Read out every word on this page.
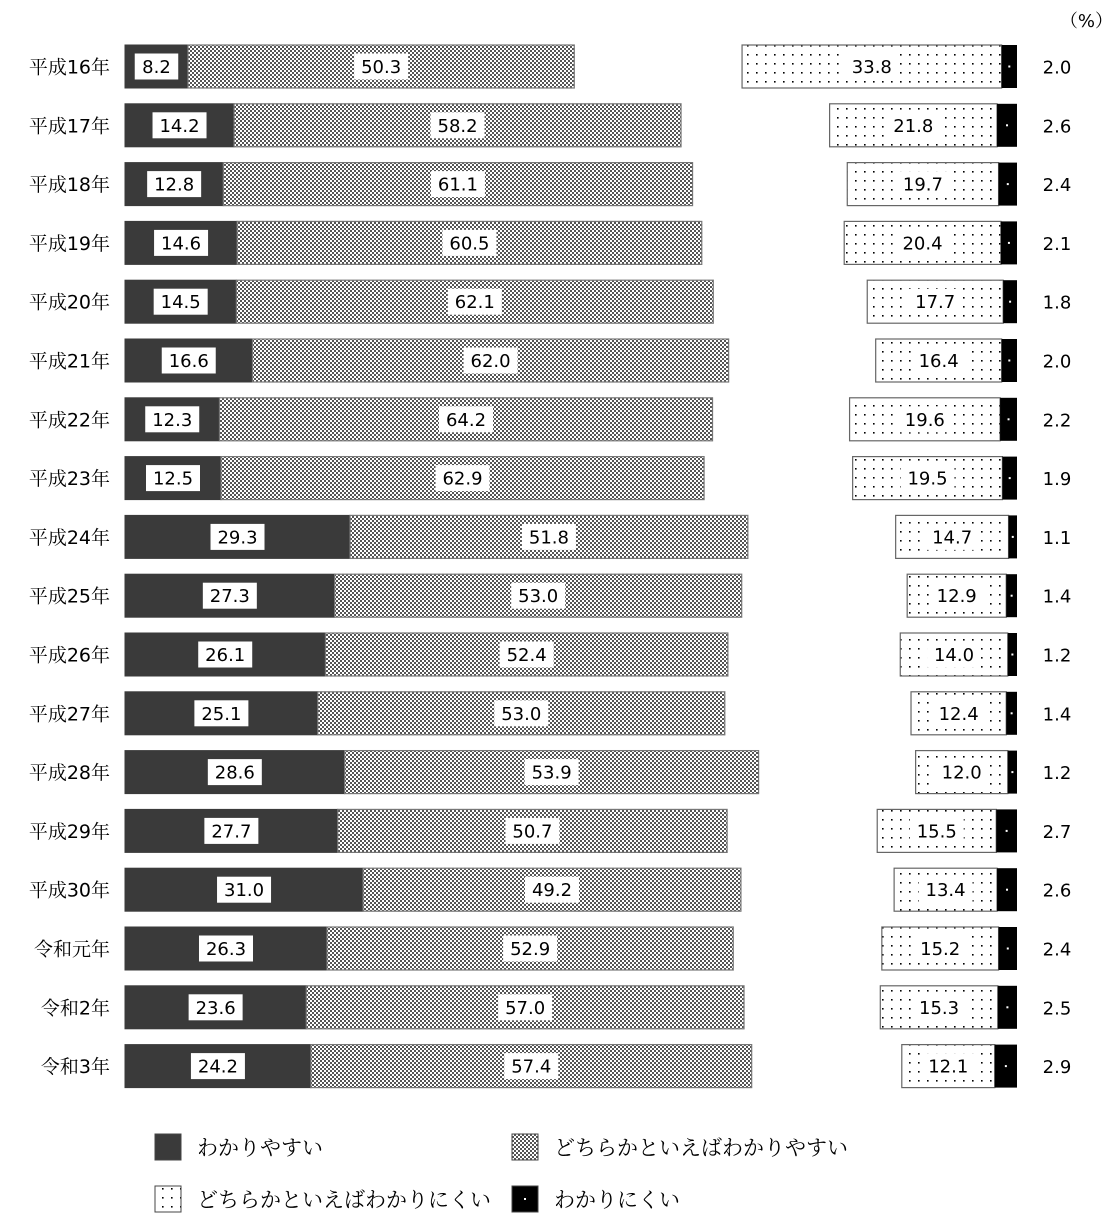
（%）
平成16年 8.2	50.3	33.8	2.0
平成17年	14.2	58.2	21.8	2.6
平成18年 12.8	61.1	19.7	2.4
平成19年	14.6	60.5	20.4	2.1
平成20年	14.5	62.1	17.7	1.8
平成21年	16.6	62.0	16.4	2.0
平成22年 12.3	64.2	19.6	2.2
平成23年 12.5	62.9	19.5	1.9
平成24年	29.3	51.8	14.7	1.1
平成25年	27.3	53.0	12.9	1.4
平成26年	26.1	52.4	14.0	1.2
平成27年	25.1	53.0	12.4	1.4
平成28年	28.6	53.9	12.0	1.2
平成29年	27.7	50.7	15.5	2.7
平成30年	31.0	49.2	13.4	2.6
令和元年	26.3	52.9	15.2	2.4
令和2年	23.6	57.0	15.3	2.5
令和3年	24.2	57.4	12.1	2.9
わかりやすい	どちらかといえばわかりやすい
どちらかといえばわかりにくい	わかりにくい
